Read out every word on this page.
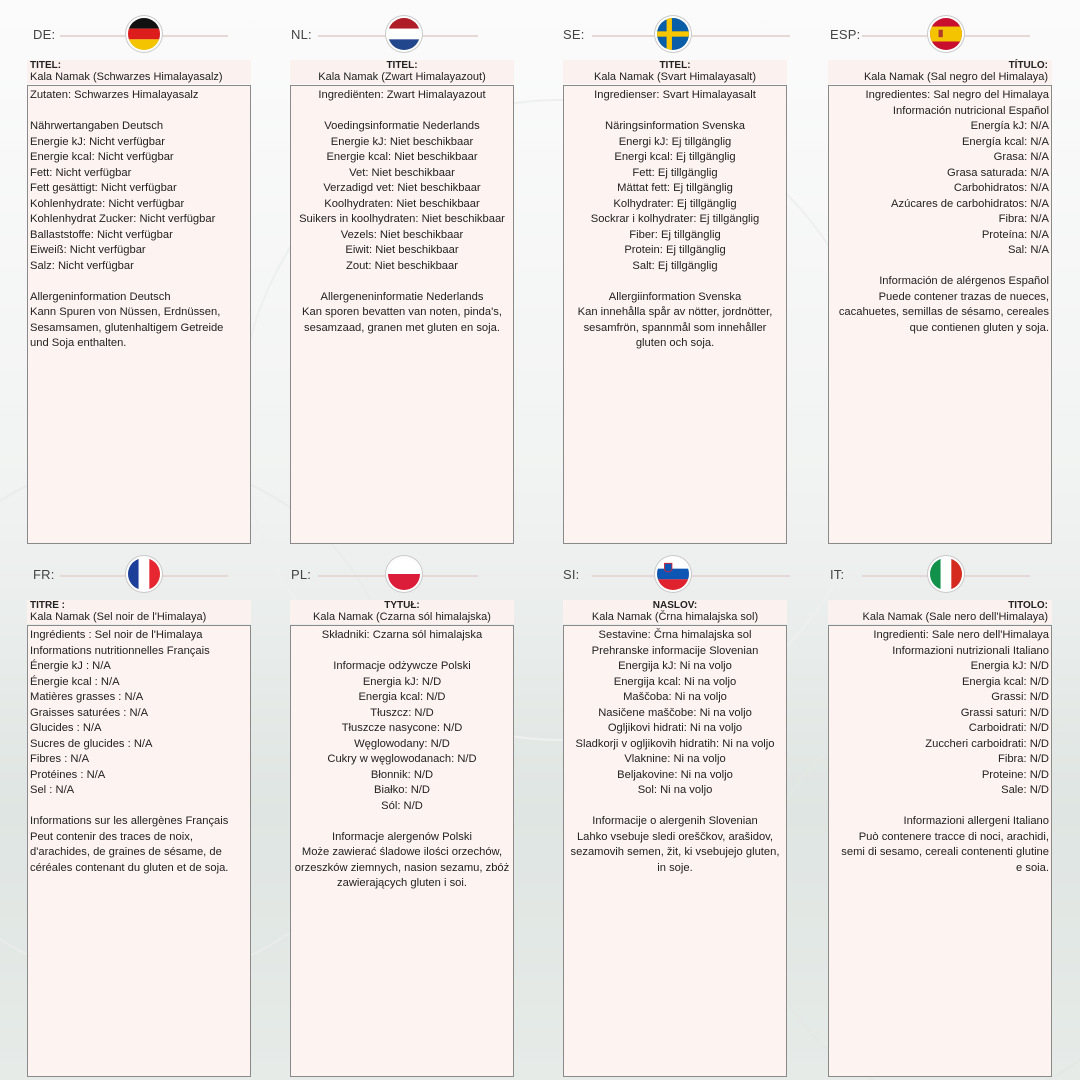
DE:
TITEL:
Kala Namak (Schwarzes Himalayasalz)

Zutaten: Schwarzes Himalayasalz

Nährwertangaben Deutsch

Energie kJ: Nicht verfügbar

Energie kcal: Nicht verfügbar

Fett: Nicht verfügbar

Fett gesättigt: Nicht verfügbar

Kohlenhydrate: Nicht verfügbar

Kohlenhydrat Zucker: Nicht verfügbar

Ballaststoffe: Nicht verfügbar

Eiweiß: Nicht verfügbar

Salz: Nicht verfügbar

Allergeninformation Deutsch

Kann Spuren von Nüssen, Erdnüssen,

Sesamsamen, glutenhaltigem Getreide

und Soja enthalten.

NL:
TITEL:
Kala Namak (Zwart Himalayazout)

Ingrediënten: Zwart Himalayazout

Voedingsinformatie Nederlands

Energie kJ: Niet beschikbaar

Energie kcal: Niet beschikbaar

Vet: Niet beschikbaar

Verzadigd vet: Niet beschikbaar

Koolhydraten: Niet beschikbaar

Suikers in koolhydraten: Niet beschikbaar

Vezels: Niet beschikbaar

Eiwit: Niet beschikbaar

Zout: Niet beschikbaar

Allergeneninformatie Nederlands

Kan sporen bevatten van noten, pinda's,

sesamzaad, granen met gluten en soja.

SE:
TITEL:
Kala Namak (Svart Himalayasalt)

Ingredienser: Svart Himalayasalt

Näringsinformation Svenska

Energi kJ: Ej tillgänglig

Energi kcal: Ej tillgänglig

Fett: Ej tillgänglig

Mättat fett: Ej tillgänglig

Kolhydrater: Ej tillgänglig

Sockrar i kolhydrater: Ej tillgänglig

Fiber: Ej tillgänglig

Protein: Ej tillgänglig

Salt: Ej tillgänglig

Allergiinformation Svenska

Kan innehålla spår av nötter, jordnötter,

sesamfrön, spannmål som innehåller

gluten och soja.

ESP:
TÍTULO:
Kala Namak (Sal negro del Himalaya)

Ingredientes: Sal negro del Himalaya

Información nutricional Español

Energía kJ: N/A

Energía kcal: N/A

Grasa: N/A

Grasa saturada: N/A

Carbohidratos: N/A

Azúcares de carbohidratos: N/A

Fibra: N/A

Proteína: N/A

Sal: N/A

Información de alérgenos Español

Puede contener trazas de nueces,

cacahuetes, semillas de sésamo, cereales

que contienen gluten y soja.

FR:
TITRE :
Kala Namak (Sel noir de l'Himalaya)

Ingrédients : Sel noir de l'Himalaya

Informations nutritionnelles Français

Énergie kJ : N/A

Énergie kcal : N/A

Matières grasses : N/A

Graisses saturées : N/A

Glucides : N/A

Sucres de glucides : N/A

Fibres : N/A

Protéines : N/A

Sel : N/A

Informations sur les allergènes Français

Peut contenir des traces de noix,

d'arachides, de graines de sésame, de

céréales contenant du gluten et de soja.

PL:
TYTUŁ:
Kala Namak (Czarna sól himalajska)

Składniki: Czarna sól himalajska

Informacje odżywcze Polski

Energia kJ: N/D

Energia kcal: N/D

Tłuszcz: N/D

Tłuszcze nasycone: N/D

Węglowodany: N/D

Cukry w węglowodanach: N/D

Błonnik: N/D

Białko: N/D

Sól: N/D

Informacje alergenów Polski

Może zawierać śladowe ilości orzechów,

orzeszków ziemnych, nasion sezamu, zbóż

zawierających gluten i soi.

SI:
NASLOV:
Kala Namak (Črna himalajska sol)

Sestavine: Črna himalajska sol

Prehranske informacije Slovenian

Energija kJ: Ni na voljo

Energija kcal: Ni na voljo

Maščoba: Ni na voljo

Nasičene maščobe: Ni na voljo

Ogljikovi hidrati: Ni na voljo

Sladkorji v ogljikovih hidratih: Ni na voljo

Vlaknine: Ni na voljo

Beljakovine: Ni na voljo

Sol: Ni na voljo

Informacije o alergenih Slovenian

Lahko vsebuje sledi oreščkov, arašidov,

sezamovih semen, žit, ki vsebujejo gluten,

in soje.

IT:
TITOLO:
Kala Namak (Sale nero dell'Himalaya)

Ingredienti: Sale nero dell'Himalaya

Informazioni nutrizionali Italiano

Energia kJ: N/D

Energia kcal: N/D

Grassi: N/D

Grassi saturi: N/D

Carboidrati: N/D

Zuccheri carboidrati: N/D

Fibra: N/D

Proteine: N/D

Sale: N/D

Informazioni allergeni Italiano

Può contenere tracce di noci, arachidi,

semi di sesamo, cereali contenenti glutine

e soia.
